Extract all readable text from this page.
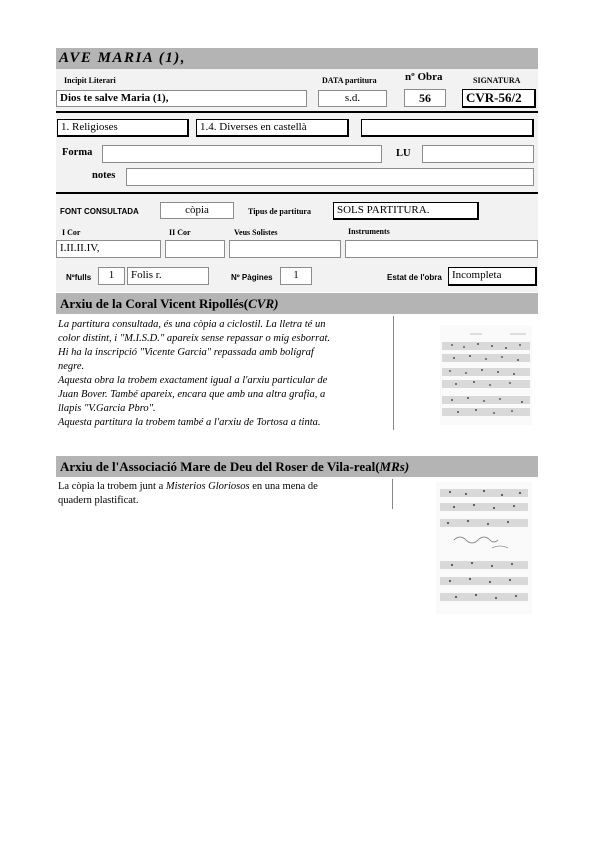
AVE MARIA (1),
Incipit Literari	DATA partitura	nº Obra	SIGNATURA
Dios te salve Maria (1),	s.d.	56	CVR-56/2
1. Religioses	1.4. Diverses en castellà
Forma	LU
notes
FONT CONSULTADA	còpia	Tipus de partitura	SOLS PARTITURA.
I Cor	II Cor	Veus Solistes	Instruments
I.II.II.IV,
Nºfulls	1	Folis r.	Nº Pàgines	1	Estat de l'obra Incompleta
Arxiu de la Coral Vicent Ripollés(CVR)
La partitura consultada, és una còpia a ciclostil. La lletra té un
color distint, i "M.I.S.D." apareix sense repassar o mig esborrat.
Hi ha la inscripció "Vicente Garcia" repassada amb bolígraf
negre.
Aquesta obra la trobem exactament igual a l'arxiu particular de
Juan Bover. També apareix, encara que amb una altra grafia, a
llapis "V.Garcia Pbro".
Aquesta partitura la trobem també a l'arxiu de Tortosa a tinta.
Arxiu de l'Associació Mare de Deu del Roser de Vila-real(MRs)
La còpia la trobem junt a Misterios Gloriosos en una mena de
quadern plastificat.
